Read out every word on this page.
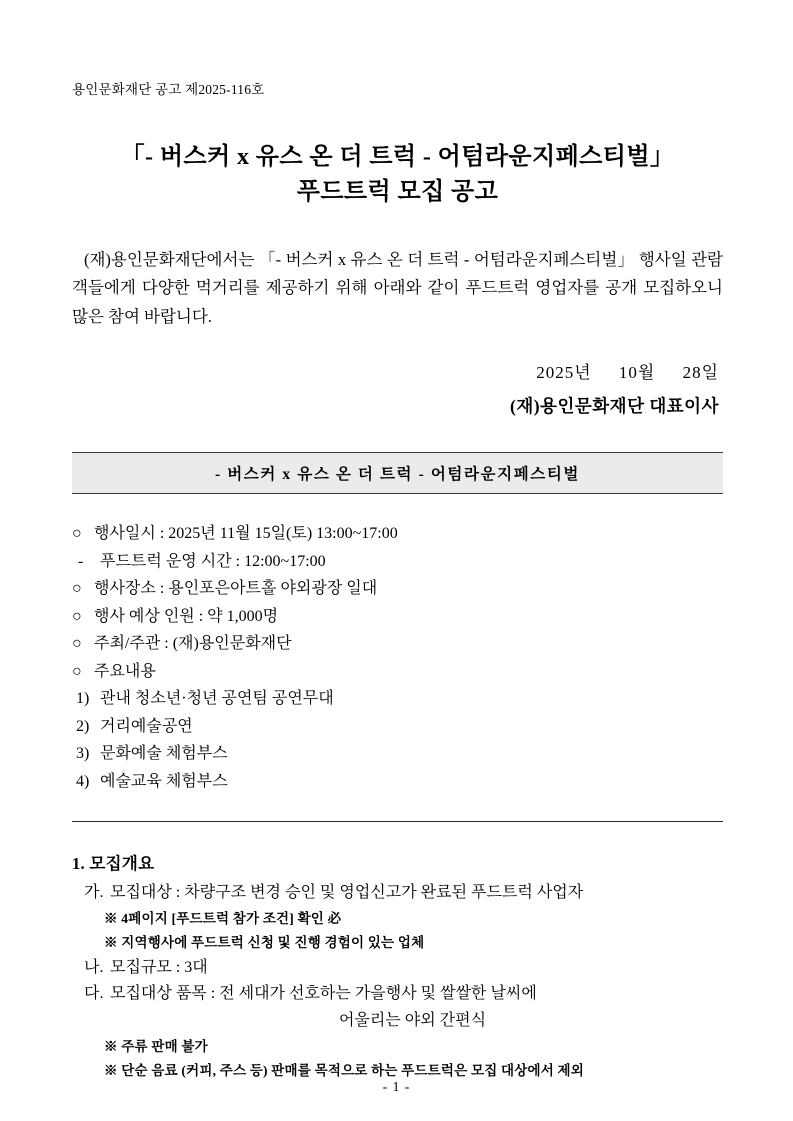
용인문화재단 공고 제2025-116호
「- 버스커 x 유스 온 더 트럭 - 어텀라운지페스티벌」
푸드트럭 모집 공고
(재)용인문화재단에서는 「- 버스커 x 유스 온 더 트럭 - 어텀라운지페스티벌」 행사일 관람객들에게 다양한 먹거리를 제공하기 위해 아래와 같이 푸드트럭 영업자를 공개 모집하오니 많은 참여 바랍니다.
2025년 10월 28일
(재)용인문화재단 대표이사
- 버스커 x 유스 온 더 트럭 - 어텀라운지페스티벌
○ 행사일시 : 2025년 11월 15일(토) 13:00~17:00
- 푸드트럭 운영 시간 : 12:00~17:00
○ 행사장소 : 용인포은아트홀 야외광장 일대
○ 행사 예상 인원 : 약 1,000명
○ 주최/주관 : (재)용인문화재단
○ 주요내용
1) 관내 청소년·청년 공연팀 공연무대
2) 거리예술공연
3) 문화예술 체험부스
4) 예술교육 체험부스
1. 모집개요
가. 모집대상 : 차량구조 변경 승인 및 영업신고가 완료된 푸드트럭 사업자
※ 4페이지 [푸드트럭 참가 조건] 확인 必
※ 지역행사에 푸드트럭 신청 및 진행 경험이 있는 업체
나. 모집규모 : 3대
다. 모집대상 품목 : 전 세대가 선호하는 가을행사 및 쌀쌀한 날씨에
어울리는 야외 간편식
※ 주류 판매 불가
※ 단순 음료 (커피, 주스 등) 판매를 목적으로 하는 푸드트럭은 모집 대상에서 제외
- 1 -
